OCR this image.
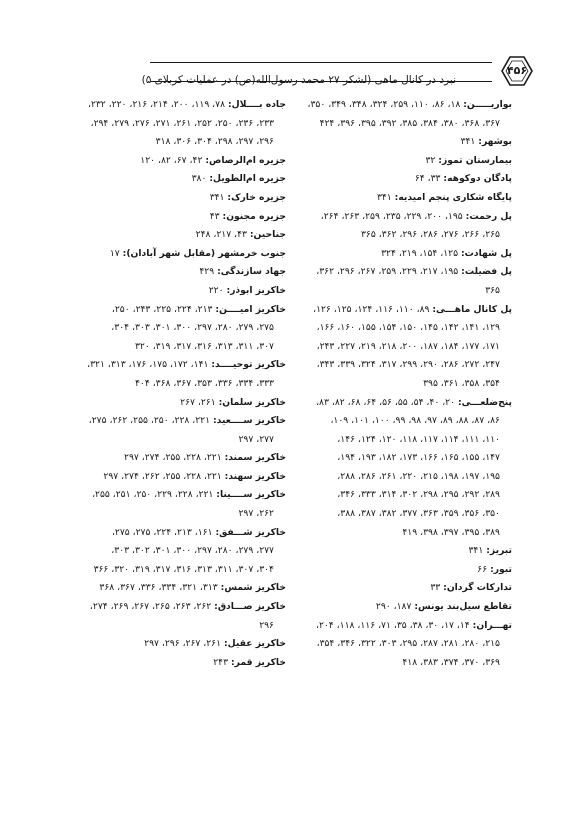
نبرد در کانال ماهی (لشکر ۲۷ محمد رسول‌الله(ص) در عملیات کربلای ۵)
۴۵۶
بواریـــــن: ۱۸، ۸۶، ۱۱۰، ۲۵۹، ۳۲۴، ۳۴۸، ۳۴۹، ۳۵۰،
۳۶۷، ۳۶۸، ۳۸۰، ۳۸۴، ۳۸۵، ۳۹۲، ۳۹۵، ۳۹۶، ۴۲۴
بوشهر: ۳۴۱
بیمارستان تموز: ۳۲
پادگان دوکوهه: ۳۳، ۶۴
پایگاه شکاری پنجم امیدیه: ۳۴۱
پل رحمت: ۱۹۵، ۲۰۰، ۲۲۹، ۲۳۵، ۲۵۹، ۲۶۳، ۲۶۴،
۲۶۵، ۲۶۶، ۲۷۶، ۲۸۶، ۲۹۶، ۳۶۲، ۳۶۵
پل شهادت: ۱۲۵، ۱۵۴، ۲۱۹، ۳۲۴
پل فضیلت: ۱۹۵، ۲۱۷، ۲۲۹، ۲۵۹، ۲۶۷، ۲۹۶، ۳۶۲،
۳۶۵
پل کانال ماهـــی: ۸۹، ۱۱۰، ۱۱۶، ۱۲۴، ۱۲۵، ۱۲۶،
۱۲۹، ۱۴۱، ۱۴۲، ۱۴۵، ۱۵۰، ۱۵۴، ۱۵۵، ۱۶۰، ۱۶۶،
۱۷۱، ۱۷۷، ۱۸۴، ۱۸۷، ۲۰۰، ۲۱۸، ۲۱۹، ۲۲۷، ۲۴۳،
۲۴۷، ۲۷۲، ۲۸۶، ۲۹۰، ۲۹۹، ۳۱۷، ۳۲۴، ۳۳۹، ۳۴۳،
۳۵۴، ۳۵۸، ۳۶۱، ۳۹۵
پنج‌ضلعـــی: ۲۰، ۴۰، ۵۴، ۵۵، ۵۶، ۶۴، ۶۸، ۸۲، ۸۳،
۸۶، ۸۷، ۸۸، ۸۹، ۹۷، ۹۸، ۹۹، ۱۰۰، ۱۰۱، ۱۰۹،
۱۱۰، ۱۱۱، ۱۱۴، ۱۱۷، ۱۱۸، ۱۲۰، ۱۲۴، ۱۴۶،
۱۴۷، ۱۵۵، ۱۶۵، ۱۶۶، ۱۷۳، ۱۸۲، ۱۹۳، ۱۹۴،
۱۹۵، ۱۹۷، ۱۹۸، ۲۱۵، ۲۲۰، ۲۶۱، ۲۸۶، ۲۸۸،
۲۸۹، ۲۹۲، ۲۹۵، ۲۹۸، ۳۰۲، ۳۱۴، ۳۳۳، ۳۴۶،
۳۵۰، ۳۵۶، ۳۵۹، ۳۶۳، ۳۷۷، ۳۸۲، ۳۸۷، ۳۸۸،
۳۸۹، ۳۹۵، ۳۹۷، ۳۹۸، ۴۱۹
تبریز: ۳۴۱
تبور: ۶۶
تدارکات گردان: ۳۳
تقاطع سیل‌بند یونس: ۱۸۷، ۲۹۰
تهـــران: ۱۴، ۱۷، ۳۰، ۳۸، ۳۵، ۷۱، ۱۱۶، ۱۱۸، ۲۰۴،
۲۱۵، ۲۸۰، ۲۸۱، ۲۸۷، ۲۹۵، ۳۰۳، ۳۲۲، ۳۴۶، ۳۵۴،
۳۶۹، ۳۷۰، ۳۷۴، ۳۸۳، ۴۱۸
جاده بــــلال: ۷۸، ۱۱۹، ۲۰۰، ۲۱۴، ۲۱۶، ۲۲۰، ۲۳۲،
۲۳۳، ۲۳۶، ۲۵۰، ۲۵۲، ۲۶۱، ۲۷۱، ۲۷۶، ۲۷۹، ۲۹۴،
۲۹۶، ۲۹۷، ۲۹۸، ۳۰۴، ۳۰۶، ۳۱۸
جزیره ام‌الرصاص: ۴۲، ۶۷، ۸۲، ۱۲۰
جزیره ام‌الطویل: ۳۸۰
جزیره خارک: ۳۴۱
جزیره مجنون: ۴۳
جناحین: ۴۳، ۲۱۷، ۲۴۸
جنوب خرمشهر (مقابل شهر آبادان): ۱۷
جهاد سازندگی: ۴۲۹
خاکریز ابوذر: ۲۲۰
خاکریز امیــــن: ۲۱۳، ۲۲۴، ۲۲۵، ۲۴۳، ۲۵۰،
۲۷۵، ۲۷۹، ۲۸۰، ۲۹۷، ۳۰۰، ۳۰۱، ۳۰۳، ۳۰۴،
۳۰۷، ۳۱۱، ۳۱۳، ۳۱۶، ۳۱۷، ۳۱۹، ۳۲۰
خاکریز توحیــــد: ۱۴۱، ۱۷۲، ۱۷۵، ۱۷۶، ۳۱۳، ۳۲۱،
۳۳۳، ۳۳۴، ۳۳۶، ۳۵۳، ۳۶۷، ۳۶۸، ۴۰۴
خاکریز سلمان: ۲۶۱، ۲۶۷
خاکریز ســــعید: ۲۲۱، ۲۲۸، ۲۵۰، ۲۵۵، ۲۶۲، ۲۷۵،
۲۷۷، ۲۹۷
خاکریز سمند: ۲۲۱، ۲۲۸، ۲۵۵، ۲۷۴، ۲۹۷
خاکریز سهند: ۲۲۱، ۲۲۸، ۲۵۵، ۲۶۲، ۲۷۴، ۲۹۷
خاکریز ســــینا: ۲۲۱، ۲۲۸، ۲۲۹، ۲۵۰، ۲۵۱، ۲۵۵،
۲۶۲، ۲۹۷
خاکریز شـــفق: ۱۶۱، ۲۱۳، ۲۲۴، ۲۷۵، ۲۷۵،
۲۷۷، ۲۷۹، ۲۸۰، ۲۹۷، ۳۰۰، ۳۰۱، ۳۰۲، ۳۰۳،
۳۰۴، ۳۰۷، ۳۱۱، ۳۱۳، ۳۱۶، ۳۱۷، ۳۱۹، ۳۲۰، ۳۶۶
خاکریز شمس: ۳۱۳، ۳۲۱، ۳۳۴، ۳۳۶، ۳۶۷، ۳۶۸
خاکریز صـــادق: ۲۶۲، ۲۶۳، ۲۶۵، ۲۶۷، ۲۶۹، ۲۷۴،
۲۹۶
خاکریز عقیل: ۲۶۱، ۲۶۷، ۲۹۶، ۲۹۷
خاکریز قمر: ۲۴۳
